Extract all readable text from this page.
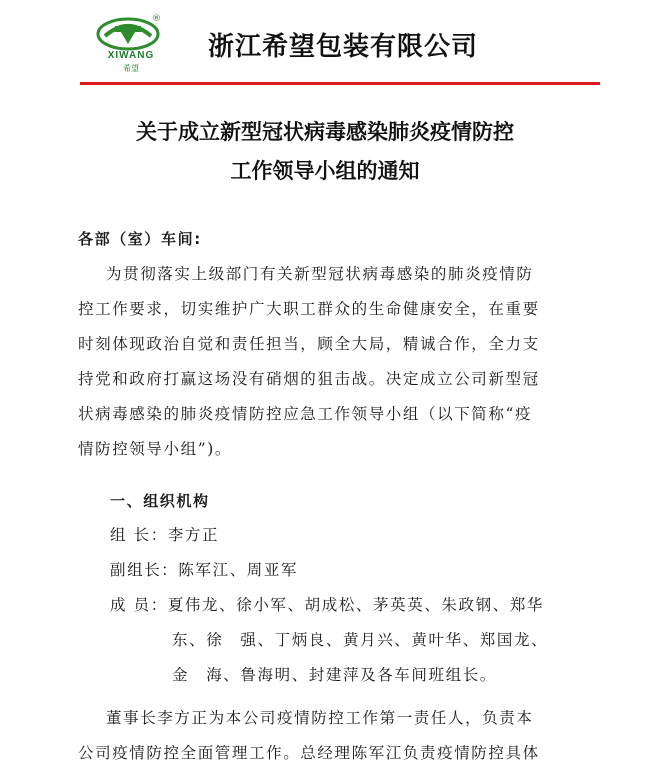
®
XIWANG
希望
浙江希望包装有限公司
关于成立新型冠状病毒感染肺炎疫情防控
工作领导小组的通知
各部（室）车间:
为贯彻落实上级部门有关新型冠状病毒感染的肺炎疫情防
控工作要求，切实维护广大职工群众的生命健康安全，在重要
时刻体现政治自觉和责任担当，顾全大局，精诚合作，全力支
持党和政府打赢这场没有硝烟的狙击战。决定成立公司新型冠
状病毒感染的肺炎疫情防控应急工作领导小组（以下简称“疫
情防控领导小组”)。
一、组织机构
组 长：李方正
副组长：陈军江、周亚军
成 员：夏伟龙、徐小军、胡成松、茅英英、朱政钢、郑华
东、徐　强、丁炳良、黄月兴、黄叶华、郑国龙、
金　海、鲁海明、封建萍及各车间班组长。
董事长李方正为本公司疫情防控工作第一责任人，负责本
公司疫情防控全面管理工作。总经理陈军江负责疫情防控具体
